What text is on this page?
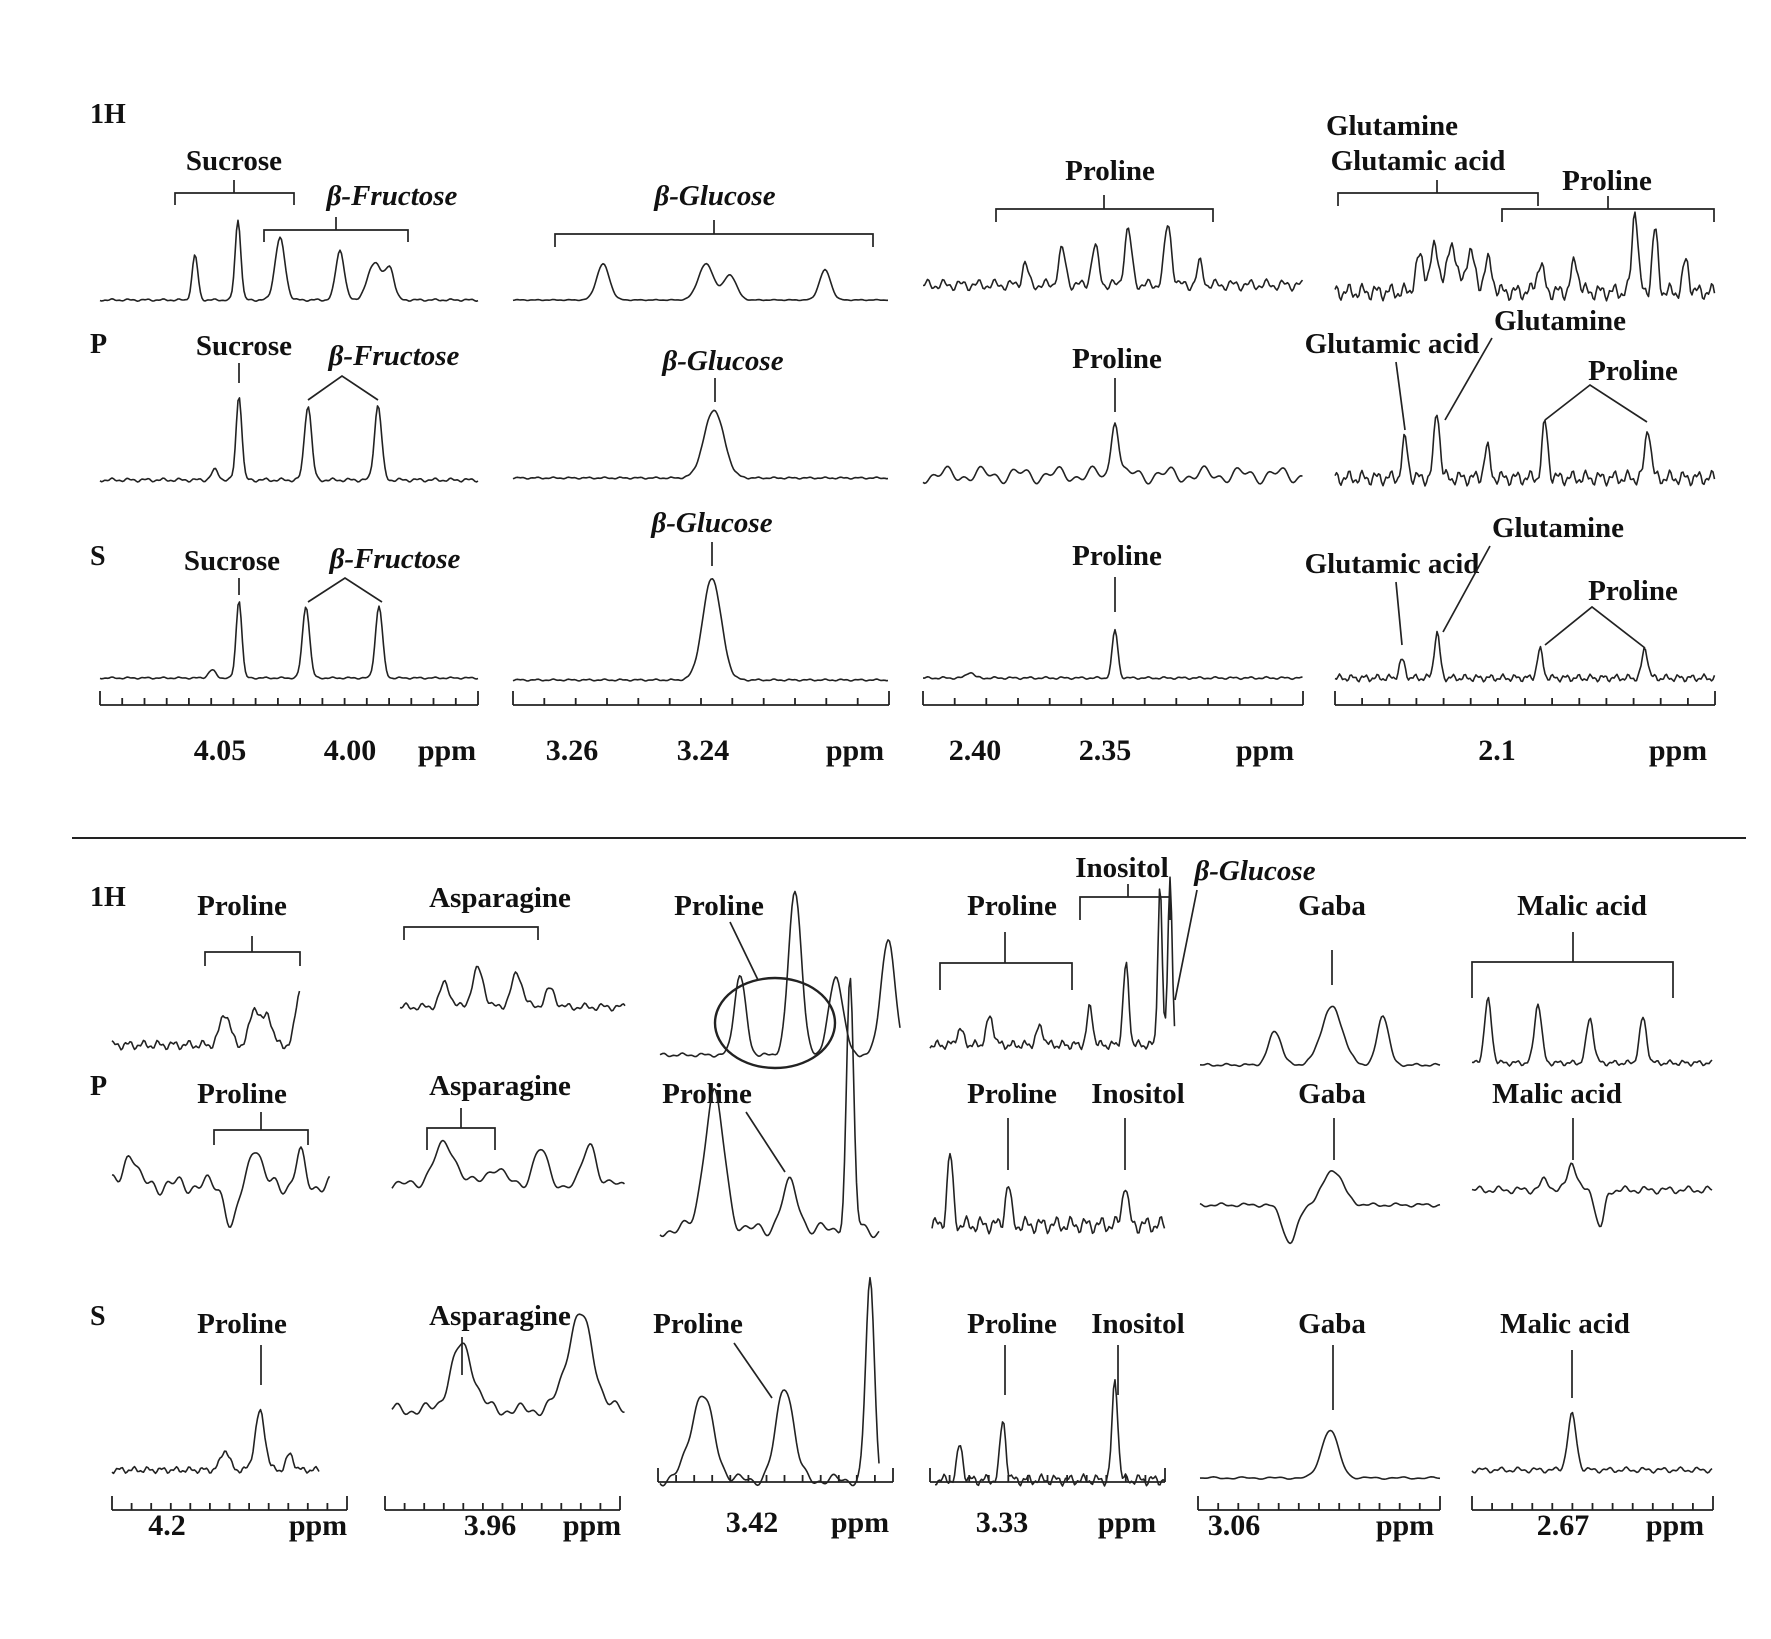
1H
P
S
1H
P
S
Sucrose
β-Fructose
Sucrose β-Fructose
Sucrose β-Fructose
4.05	4.00 ppm
β-Glucose
β-Glucose
β-Glucose
3.26	3.24	ppm
Proline
Proline
Proline
2.40	2.35	ppm
Glutamine
Glutamic acid
Proline
Glutamic acid
Glutamine
Proline
Glutamic acid
Glutamine
Proline
2.1	ppm
Proline
Proline
Proline
4.2	ppm
Asparagine
Asparagine
Asparagine
3.96 ppm
Proline
Proline
Proline
3.42 ppm
Inositol β-Glucose
Proline
Proline Inositol
Proline Inositol
3.33 ppm
Gaba
Gaba
Gaba
3.06	ppm
Malic acid
Malic acid
Malic acid
2.67 ppm
